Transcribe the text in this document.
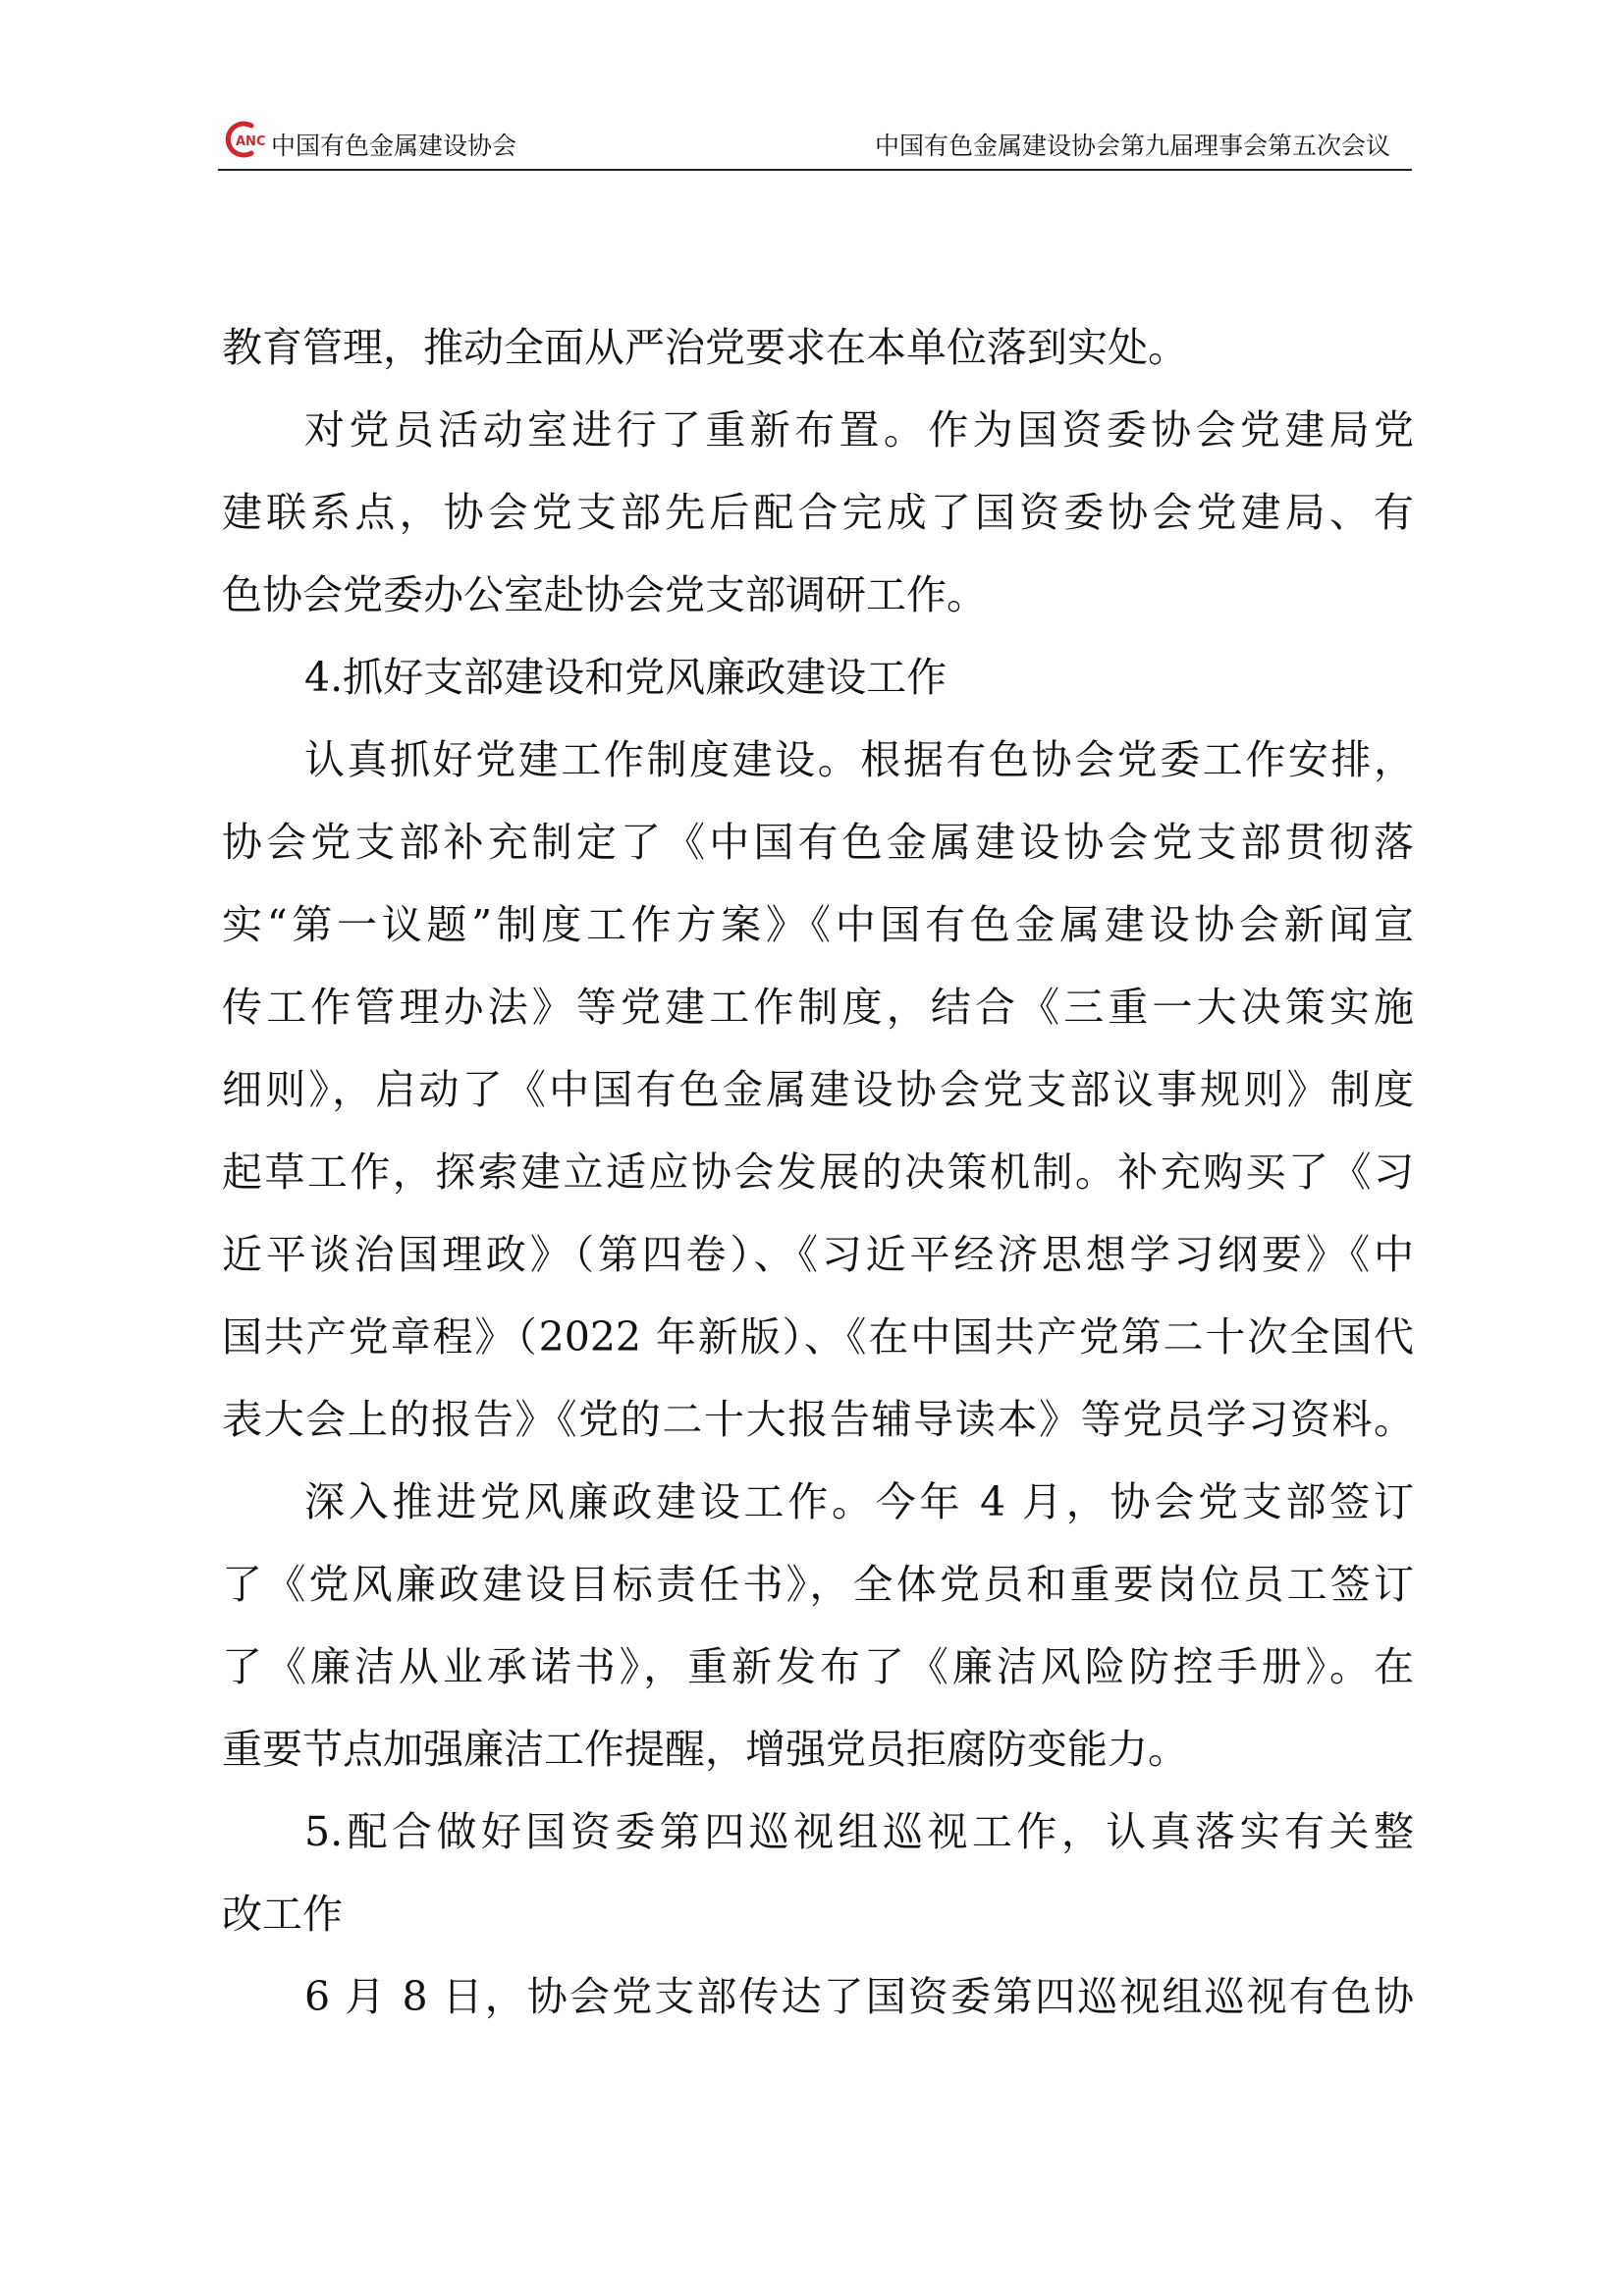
ANC 中国有色金属建设协会	中国有色金属建设协会第九届理事会第五次会议
教育管理，推动全面从严治党要求在本单位落到实处。
对党员活动室进行了重新布置。作为国资委协会党建局党
建联系点，协会党支部先后配合完成了国资委协会党建局、有
色协会党委办公室赴协会党支部调研工作。
4.抓好支部建设和党风廉政建设工作
认真抓好党建工作制度建设。根据有色协会党委工作安排，
协会党支部补充制定了《中国有色金属建设协会党支部贯彻落
实“第一议题”制度工作方案》《中国有色金属建设协会新闻宣
传工作管理办法》等党建工作制度，结合《三重一大决策实施
细则》，启动了《中国有色金属建设协会党支部议事规则》制度
起草工作，探索建立适应协会发展的决策机制。补充购买了《习
近平谈治国理政》（第四卷）、《习近平经济思想学习纲要》《中
国共产党章程》（2022 年新版）、《在中国共产党第二十次全国代
表大会上的报告》《党的二十大报告辅导读本》等党员学习资料。
深入推进党风廉政建设工作。今年 4 月，协会党支部签订
了《党风廉政建设目标责任书》，全体党员和重要岗位员工签订
了《廉洁从业承诺书》，重新发布了《廉洁风险防控手册》。在
重要节点加强廉洁工作提醒，增强党员拒腐防变能力。
5.配合做好国资委第四巡视组巡视工作，认真落实有关整
改工作
6 月 8 日，协会党支部传达了国资委第四巡视组巡视有色协
